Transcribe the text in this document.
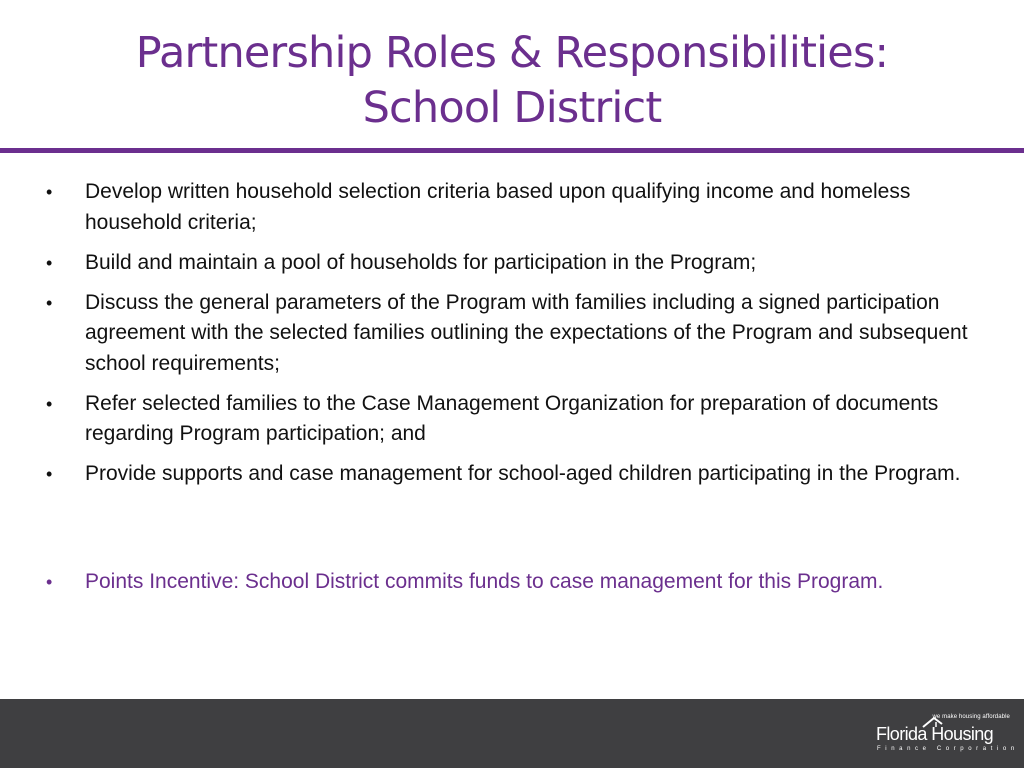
Partnership Roles & Responsibilities:
School District
• Develop written household selection criteria based upon qualifying income and homeless household criteria;
• Build and maintain a pool of households for participation in the Program;
• Discuss the general parameters of the Program with families including a signed participation agreement with the selected families outlining the expectations of the Program and subsequent school requirements;
• Refer selected families to the Case Management Organization for preparation of documents regarding Program participation; and
• Provide supports and case management for school-aged children participating in the Program.
• Points Incentive: School District commits funds to case management for this Program.
we make housing affordable
Florida Housing
Finance Corporation
